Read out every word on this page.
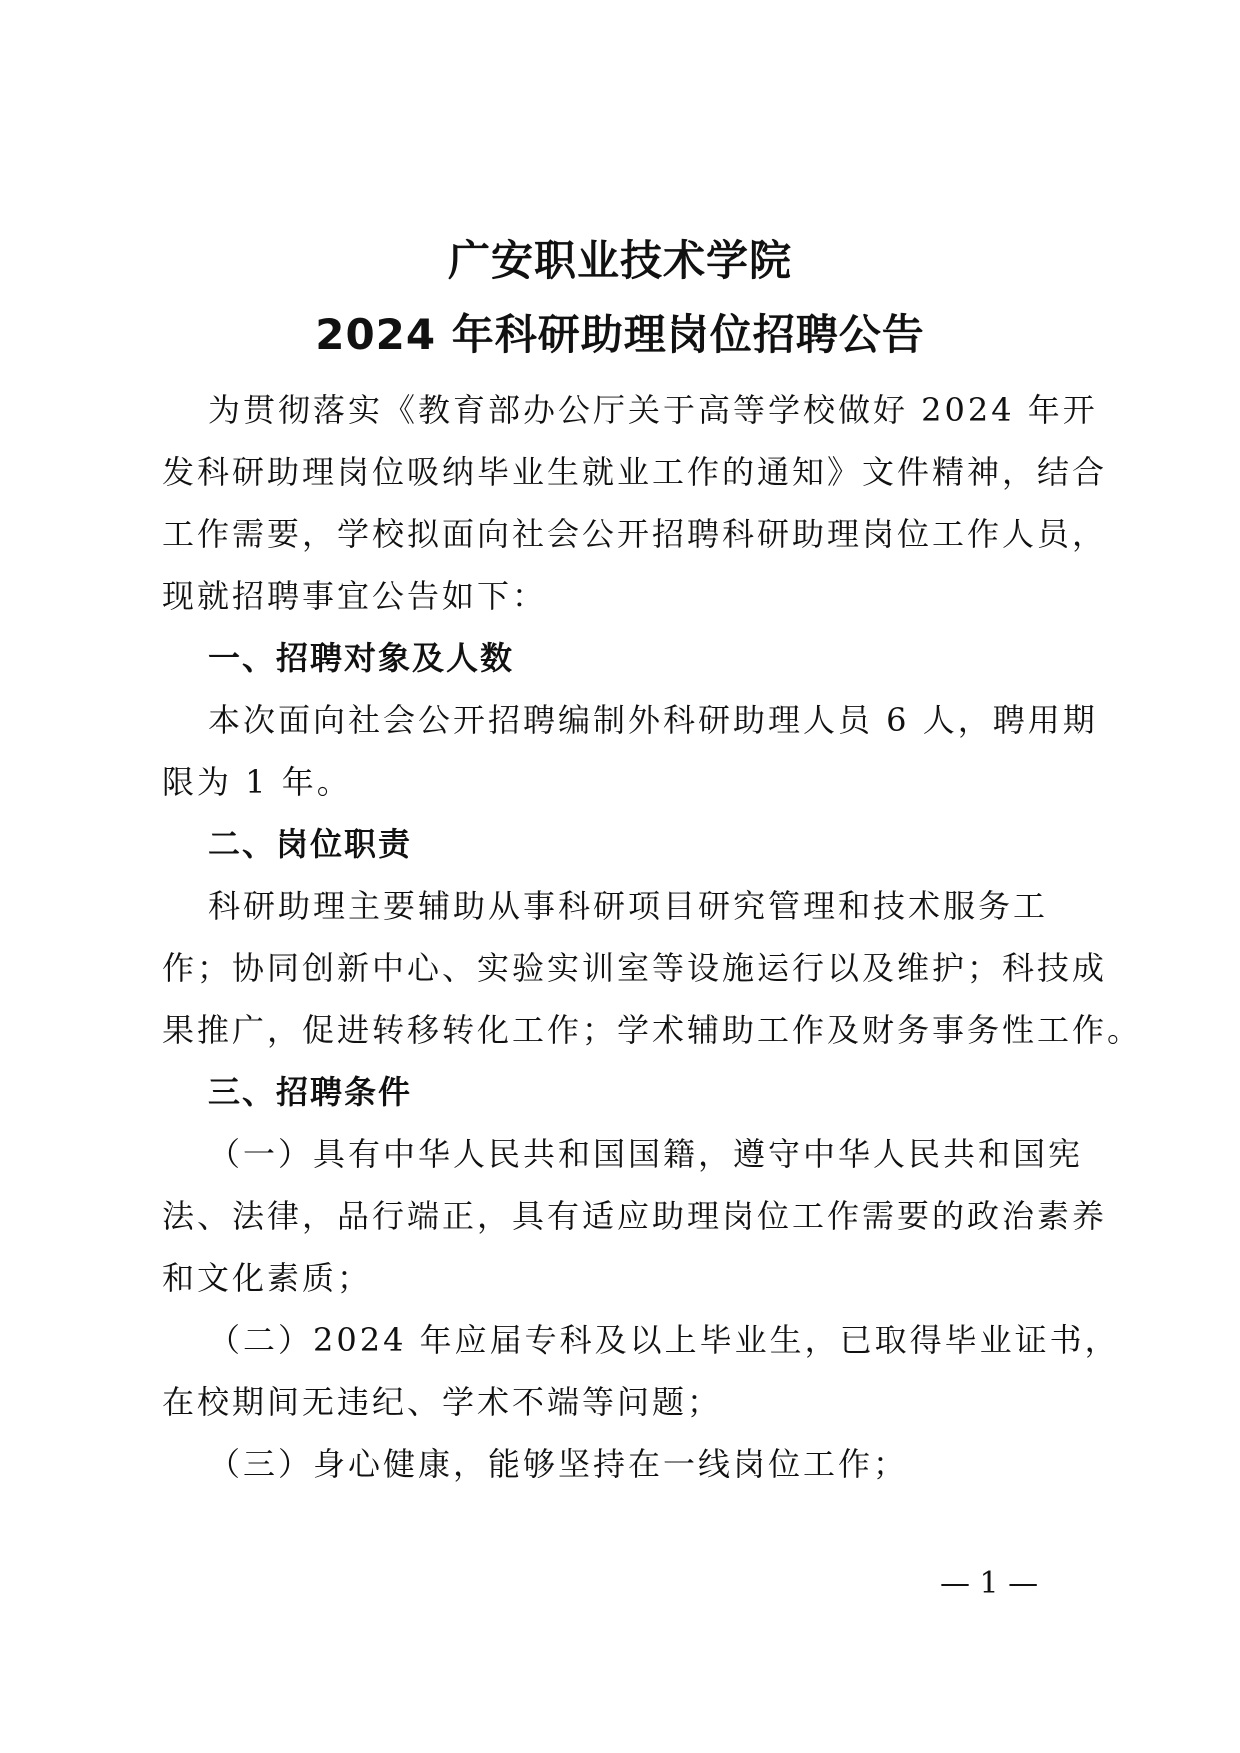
广安职业技术学院
2024 年科研助理岗位招聘公告
为贯彻落实《教育部办公厅关于高等学校做好 2024 年开
发科研助理岗位吸纳毕业生就业工作的通知》文件精神，结合
工作需要，学校拟面向社会公开招聘科研助理岗位工作人员，
现就招聘事宜公告如下：
一、招聘对象及人数
本次面向社会公开招聘编制外科研助理人员 6 人，聘用期
限为 1 年。
二、岗位职责
科研助理主要辅助从事科研项目研究管理和技术服务工
作；协同创新中心、实验实训室等设施运行以及维护；科技成
果推广，促进转移转化工作；学术辅助工作及财务事务性工作。
三、招聘条件
（一）具有中华人民共和国国籍，遵守中华人民共和国宪
法、法律，品行端正，具有适应助理岗位工作需要的政治素养
和文化素质；
（二）2024 年应届专科及以上毕业生，已取得毕业证书，
在校期间无违纪、学术不端等问题；
（三）身心健康，能够坚持在一线岗位工作；
— 1 —
